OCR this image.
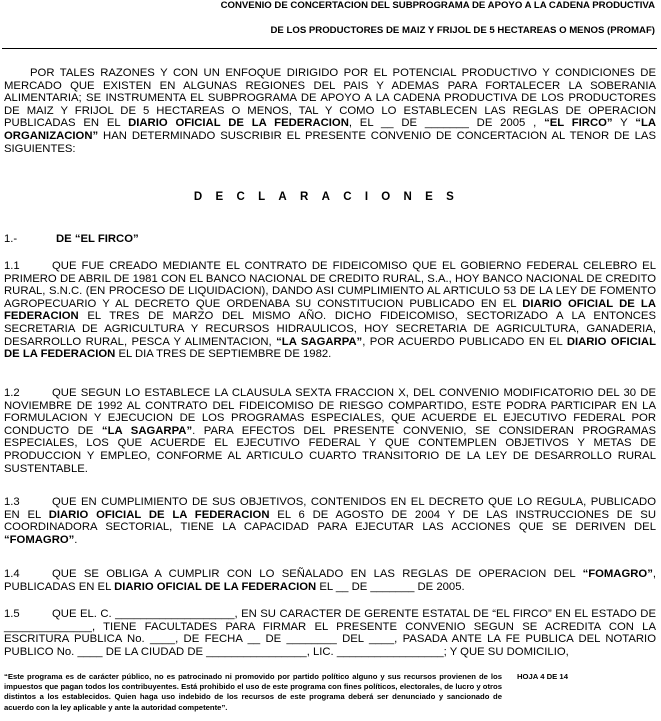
CONVENIO DE CONCERTACION DEL SUBPROGRAMA DE APOYO A LA CADENA PRODUCTIVA
DE LOS PRODUCTORES DE MAIZ Y FRIJOL DE 5 HECTAREAS O MENOS (PROMAF)

POR TALES RAZONES Y CON UN ENFOQUE DIRIGIDO POR EL POTENCIAL PRODUCTIVO Y CONDICIONES DE MERCADO QUE EXISTEN EN ALGUNAS REGIONES DEL PAIS Y ADEMAS PARA FORTALECER LA SOBERANIA ALIMENTARIA; SE INSTRUMENTA EL SUBPROGRAMA DE APOYO A LA CADENA PRODUCTIVA DE LOS PRODUCTORES DE MAIZ Y FRIJOL DE 5 HECTAREAS O MENOS, TAL Y COMO LO ESTABLECEN LAS REGLAS DE OPERACION PUBLICADAS EN EL DIARIO OFICIAL DE LA FEDERACION, EL __ DE _______ DE 2005 , “EL FIRCO” Y “LA ORGANIZACION” HAN DETERMINADO SUSCRIBIR EL PRESENTE CONVENIO DE CONCERTACION AL TENOR DE LAS SIGUIENTES:

DECLARACIONES
1.-	DE “EL FIRCO”

1.1	QUE FUE CREADO MEDIANTE EL CONTRATO DE FIDEICOMISO QUE EL GOBIERNO FEDERAL CELEBRO EL PRIMERO DE ABRIL DE 1981 CON EL BANCO NACIONAL DE CREDITO RURAL, S.A., HOY BANCO NACIONAL DE CREDITO RURAL, S.N.C. (EN PROCESO DE LIQUIDACION), DANDO ASI CUMPLIMIENTO AL ARTICULO 53 DE LA LEY DE FOMENTO AGROPECUARIO Y AL DECRETO QUE ORDENABA SU CONSTITUCION PUBLICADO EN EL DIARIO OFICIAL DE LA FEDERACION EL TRES DE MARZO DEL MISMO AÑO. DICHO FIDEICOMISO, SECTORIZADO A LA ENTONCES SECRETARIA DE AGRICULTURA Y RECURSOS HIDRAULICOS, HOY SECRETARIA DE AGRICULTURA, GANADERIA, DESARROLLO RURAL, PESCA Y ALIMENTACION, “LA SAGARPA”, POR ACUERDO PUBLICADO EN EL DIARIO OFICIAL DE LA FEDERACION EL DIA TRES DE SEPTIEMBRE DE 1982.

1.2	QUE SEGUN LO ESTABLECE LA CLAUSULA SEXTA FRACCION X, DEL CONVENIO MODIFICATORIO DEL 30 DE NOVIEMBRE DE 1992 AL CONTRATO DEL FIDEICOMISO DE RIESGO COMPARTIDO, ESTE PODRA PARTICIPAR EN LA FORMULACION Y EJECUCION DE LOS PROGRAMAS ESPECIALES, QUE ACUERDE EL EJECUTIVO FEDERAL POR CONDUCTO DE “LA SAGARPA”. PARA EFECTOS DEL PRESENTE CONVENIO, SE CONSIDERAN PROGRAMAS ESPECIALES, LOS QUE ACUERDE EL EJECUTIVO FEDERAL Y QUE CONTEMPLEN OBJETIVOS Y METAS DE PRODUCCION Y EMPLEO, CONFORME AL ARTICULO CUARTO TRANSITORIO DE LA LEY DE DESARROLLO RURAL SUSTENTABLE.

1.3	QUE EN CUMPLIMIENTO DE SUS OBJETIVOS, CONTENIDOS EN EL DECRETO QUE LO REGULA, PUBLICADO EN EL DIARIO OFICIAL DE LA FEDERACION EL 6 DE AGOSTO DE 2004 Y DE LAS INSTRUCCIONES DE SU COORDINADORA SECTORIAL, TIENE LA CAPACIDAD PARA EJECUTAR LAS ACCIONES QUE SE DERIVEN DEL “FOMAGRO”.

1.4	QUE SE OBLIGA A CUMPLIR CON LO SEÑALADO EN LAS REGLAS DE OPERACION DEL “FOMAGRO”, PUBLICADAS EN EL DIARIO OFICIAL DE LA FEDERACION EL __ DE _______ DE 2005.

1.5	QUE EL. C. ___________________, EN SU CARACTER DE GERENTE ESTATAL DE “EL FIRCO” EN EL ESTADO DE ______________, TIENE FACULTADES PARA FIRMAR EL PRESENTE CONVENIO SEGUN SE ACREDITA CON LA ESCRITURA PUBLICA No. ____, DE FECHA __ DE ________ DEL ____, PASADA ANTE LA FE PUBLICA DEL NOTARIO PUBLICO No. ____ DE LA CIUDAD DE ________________, LIC. _________________; Y QUE SU DOMICILIO,

“Este programa es de carácter público, no es patrocinado ni promovido por partido político alguno y sus recursos provienen de los impuestos que pagan todos los contribuyentes. Está prohibido el uso de este programa con fines políticos, electorales, de lucro y otros distintos a los establecidos. Quien haga uso indebido de los recursos de este programa deberá ser denunciado y sancionado de acuerdo con la ley aplicable y ante la autoridad competente”.
HOJA 4 DE 14
